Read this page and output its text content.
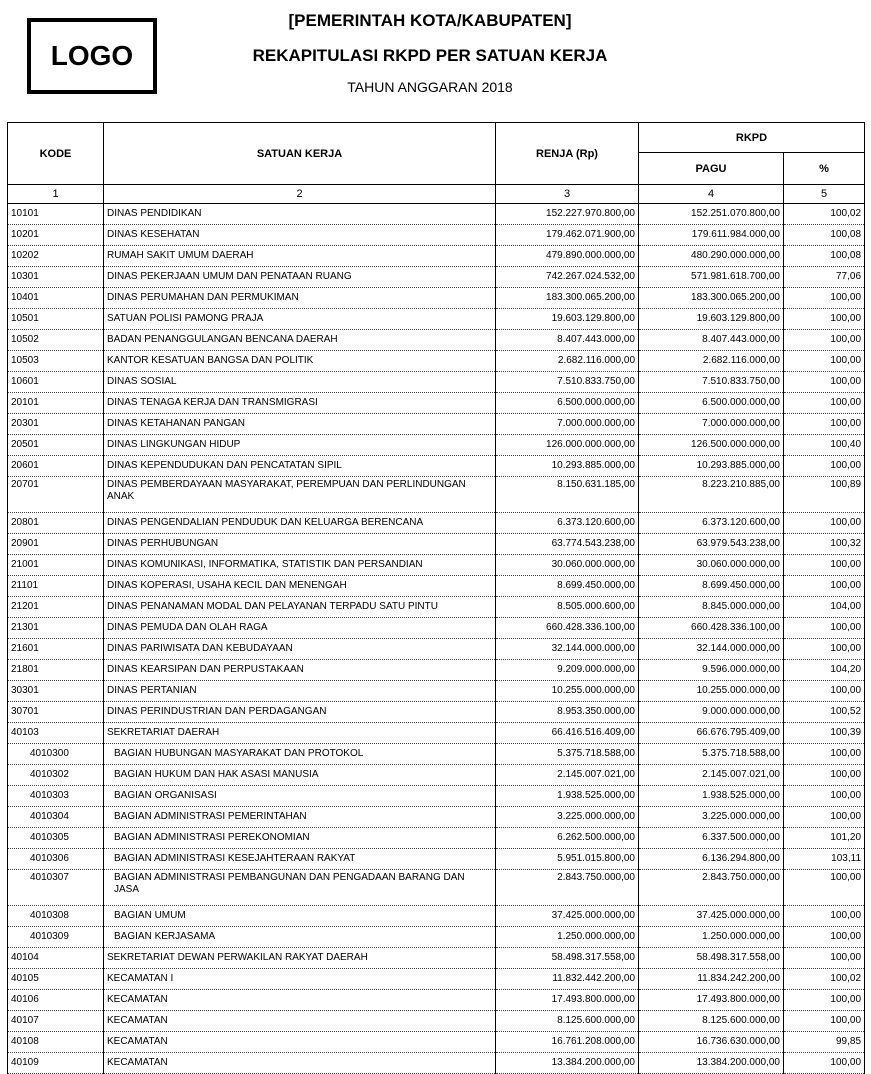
LOGO
[PEMERINTAH KOTA/KABUPATEN]
REKAPITULASI RKPD PER SATUAN KERJA
TAHUN ANGGARAN 2018
KODE	SATUAN KERJA	RENJA (Rp)	RKPD	
			PAGU	%
1	2	3	4	5
10101	DINAS PENDIDIKAN	152.227.970.800,00	152.251.070.800,00	100,02
10201	DINAS KESEHATAN	179.462.071.900,00	179.611.984.000,00	100,08
10202	RUMAH SAKIT UMUM DAERAH	479.890.000.000,00	480.290.000.000,00	100,08
10301	DINAS PEKERJAAN UMUM DAN PENATAAN RUANG	742.267.024.532,00	571.981.618.700,00	77,06
10401	DINAS PERUMAHAN DAN PERMUKIMAN	183.300.065.200,00	183.300.065.200,00	100,00
10501	SATUAN POLISI PAMONG PRAJA	19.603.129.800,00	19.603.129.800,00	100,00
10502	BADAN PENANGGULANGAN BENCANA DAERAH	8.407.443.000,00	8.407.443.000,00	100,00
10503	KANTOR KESATUAN BANGSA DAN POLITIK	2.682.116.000,00	2.682.116.000,00	100,00
10601	DINAS SOSIAL	7.510.833.750,00	7.510.833.750,00	100,00
20101	DINAS TENAGA KERJA DAN TRANSMIGRASI	6.500.000.000,00	6.500.000.000,00	100,00
20301	DINAS KETAHANAN PANGAN	7.000.000.000,00	7.000.000.000,00	100,00
20501	DINAS LINGKUNGAN HIDUP	126.000.000.000,00	126.500.000.000,00	100,40
20601	DINAS KEPENDUDUKAN DAN PENCATATAN SIPIL	10.293.885.000,00	10.293.885.000,00	100,00
20701	DINAS PEMBERDAYAAN MASYARAKAT, PEREMPUAN DAN PERLINDUNGAN ANAK	8.150.631.185,00	8.223.210.885,00	100,89
20801	DINAS PENGENDALIAN PENDUDUK DAN KELUARGA BERENCANA	6.373.120.600,00	6.373.120.600,00	100,00
20901	DINAS PERHUBUNGAN	63.774.543.238,00	63.979.543.238,00	100,32
21001	DINAS KOMUNIKASI, INFORMATIKA, STATISTIK DAN PERSANDIAN	30.060.000.000,00	30.060.000.000,00	100,00
21101	DINAS KOPERASI, USAHA KECIL DAN MENENGAH	8.699.450.000,00	8.699.450.000,00	100,00
21201	DINAS PENANAMAN MODAL DAN PELAYANAN TERPADU SATU PINTU	8.505.000.600,00	8.845.000.000,00	104,00
21301	DINAS PEMUDA DAN OLAH RAGA	660.428.336.100,00	660.428.336.100,00	100,00
21601	DINAS PARIWISATA DAN KEBUDAYAAN	32.144.000.000,00	32.144.000.000,00	100,00
21801	DINAS KEARSIPAN DAN PERPUSTAKAAN	9.209.000.000,00	9.596.000.000,00	104,20
30301	DINAS PERTANIAN	10.255.000.000,00	10.255.000.000,00	100,00
30701	DINAS PERINDUSTRIAN DAN PERDAGANGAN	8.953.350.000,00	9.000.000.000,00	100,52
40103	SEKRETARIAT DAERAH	66.416.516.409,00	66.676.795.409,00	100,39
4010300	BAGIAN HUBUNGAN MASYARAKAT DAN PROTOKOL	5.375.718.588,00	5.375.718.588,00	100,00
4010302	BAGIAN HUKUM DAN HAK ASASI MANUSIA	2.145.007.021,00	2.145.007.021,00	100,00
4010303	BAGIAN ORGANISASI	1.938.525.000,00	1.938.525.000,00	100,00
4010304	BAGIAN ADMINISTRASI PEMERINTAHAN	3.225.000.000,00	3.225.000.000,00	100,00
4010305	BAGIAN ADMINISTRASI PEREKONOMIAN	6.262.500.000,00	6.337.500.000,00	101,20
4010306	BAGIAN ADMINISTRASI KESEJAHTERAAN RAKYAT	5.951.015.800,00	6.136.294.800,00	103,11
4010307	BAGIAN ADMINISTRASI PEMBANGUNAN DAN PENGADAAN BARANG DAN JASA	2.843.750.000,00	2.843.750.000,00	100,00
4010308	BAGIAN UMUM	37.425.000.000,00	37.425.000.000,00	100,00
4010309	BAGIAN KERJASAMA	1.250.000.000,00	1.250.000.000,00	100,00
40104	SEKRETARIAT DEWAN PERWAKILAN RAKYAT DAERAH	58.498.317.558,00	58.498.317.558,00	100,00
40105	KECAMATAN I	11.832.442.200,00	11.834.242.200,00	100,02
40106	KECAMATAN	17.493.800.000,00	17.493.800.000,00	100,00
40107	KECAMATAN	8.125.600.000,00	8.125.600.000,00	100,00
40108	KECAMATAN	16.761.208.000,00	16.736.630.000,00	99,85
40109	KECAMATAN	13.384.200.000,00	13.384.200.000,00	100,00
